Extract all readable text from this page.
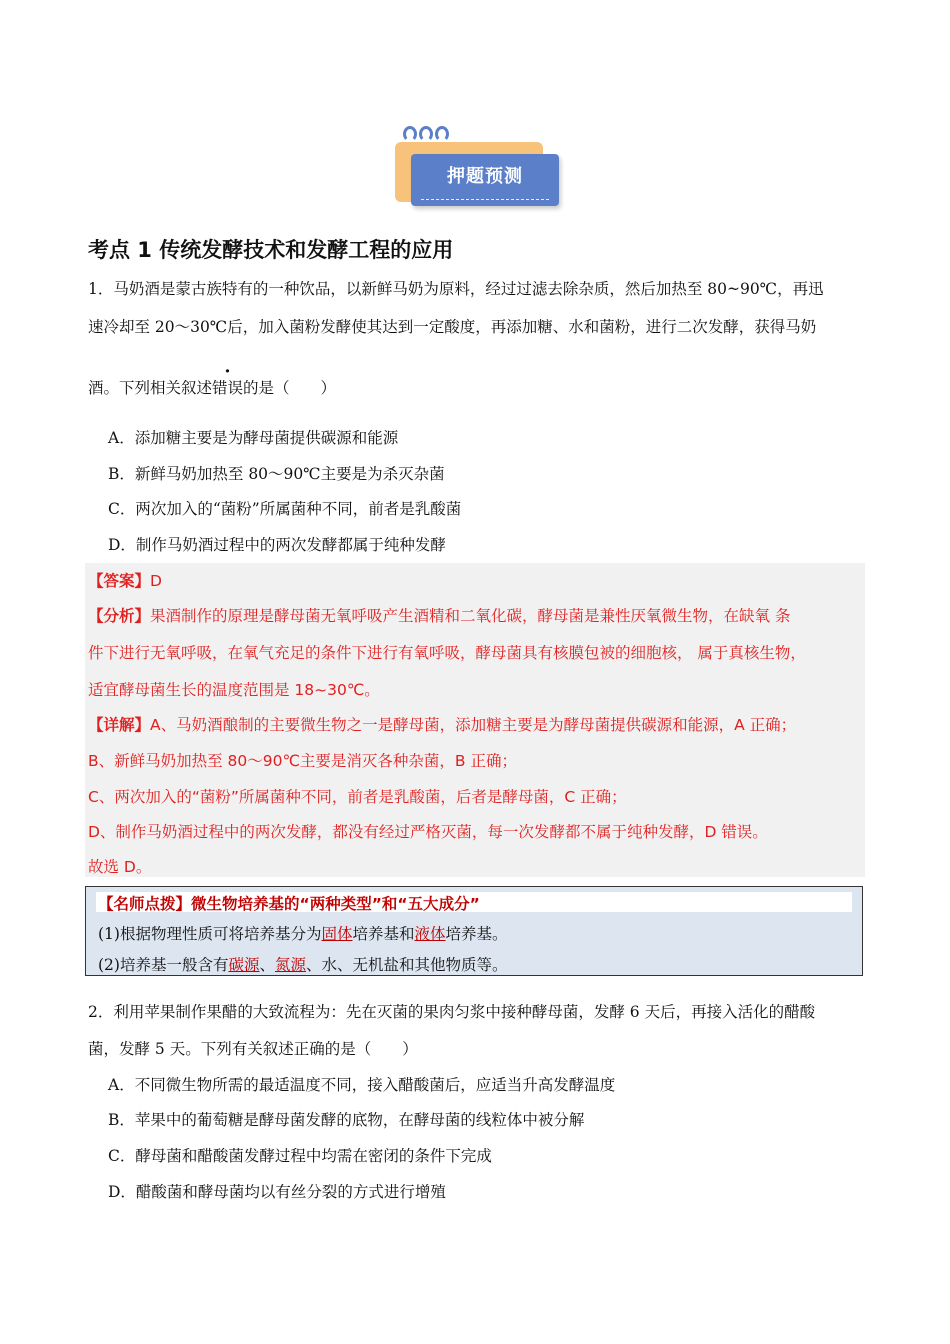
押题预测
考点 1 传统发酵技术和发酵工程的应用
1．马奶酒是蒙古族特有的一种饮品，以新鲜马奶为原料，经过过滤去除杂质，然后加热至 80~90℃，再迅
速冷却至 20～30℃后，加入菌粉发酵使其达到一定酸度，再添加糖、水和菌粉，进行二次发酵，获得马奶
酒。下列相关叙述错误的是（　　）
A．添加糖主要是为酵母菌提供碳源和能源
B．新鲜马奶加热至 80～90℃主要是为杀灭杂菌
C．两次加入的“菌粉”所属菌种不同，前者是乳酸菌
D．制作马奶酒过程中的两次发酵都属于纯种发酵
【答案】D
【分析】果酒制作的原理是酵母菌无氧呼吸产生酒精和二氧化碳，酵母菌是兼性厌氧微生物，在缺氧 条
件下进行无氧呼吸，在氧气充足的条件下进行有氧呼吸，酵母菌具有核膜包被的细胞核， 属于真核生物，
适宜酵母菌生长的温度范围是 18~30℃。
【详解】A、马奶酒酿制的主要微生物之一是酵母菌，添加糖主要是为酵母菌提供碳源和能源，A 正确；
B、新鲜马奶加热至 80～90℃主要是消灭各种杂菌，B 正确；
C、两次加入的“菌粉”所属菌种不同，前者是乳酸菌，后者是酵母菌，C 正确；
D、制作马奶酒过程中的两次发酵，都没有经过严格灭菌，每一次发酵都不属于纯种发酵，D 错误。
故选 D。
【名师点拨】微生物培养基的“两种类型”和“五大成分”
(1)根据物理性质可将培养基分为固体培养基和液体培养基。
(2)培养基一般含有碳源、氮源、水、无机盐和其他物质等。
2．利用苹果制作果醋的大致流程为：先在灭菌的果肉匀浆中接种酵母菌，发酵 6 天后，再接入活化的醋酸
菌，发酵 5 天。下列有关叙述正确的是（　　）
A．不同微生物所需的最适温度不同，接入醋酸菌后，应适当升高发酵温度
B．苹果中的葡萄糖是酵母菌发酵的底物，在酵母菌的线粒体中被分解
C．酵母菌和醋酸菌发酵过程中均需在密闭的条件下完成
D．醋酸菌和酵母菌均以有丝分裂的方式进行增殖
